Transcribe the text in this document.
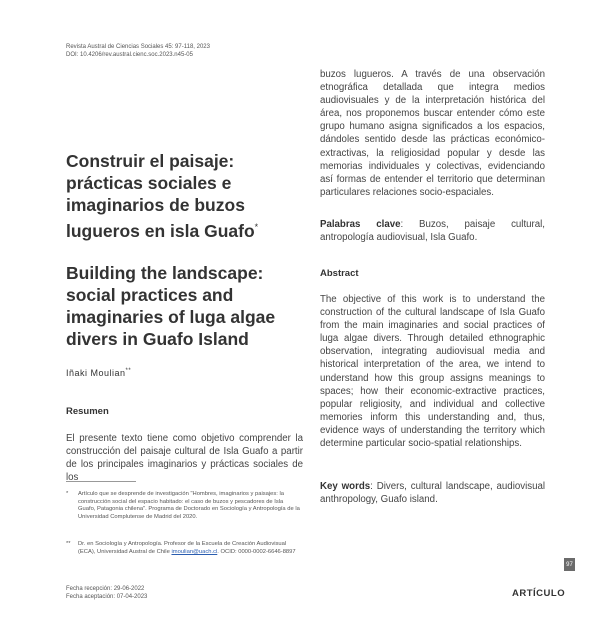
Revista Austral de Ciencias Sociales 45: 97-118, 2023
DOI: 10.4206/rev.austral.cienc.soc.2023.n45-05
Construir el paisaje: prácticas sociales e imaginarios de buzos lugueros en isla Guafo*
Building the landscape: social practices and imaginaries of luga algae divers in Guafo Island
Iñaki Moulian**
Resumen
El presente texto tiene como objetivo comprender la construcción del paisaje cultural de Isla Guafo a partir de los principales imaginarios y prácticas sociales de los
* Artículo que se desprende de investigación "Hombres, imaginarios y paisajes: la construcción social del espacio habitado: el caso de buzos y pescadores de Isla Guafo, Patagonia chilena". Programa de Doctorado en Sociología y Antropología de la Universidad Complutense de Madrid del 2020.
** Dr. en Sociología y Antropología. Profesor de la Escuela de Creación Audiovisual (ECA), Universidad Austral de Chile imoulian@uach.cl. OCID: 0000-0002-6646-8897
buzos lugueros. A través de una observación etnográfica detallada que integra medios audiovisuales y de la interpretación histórica del área, nos proponemos buscar entender cómo este grupo humano asigna significados a los espacios, dándoles sentido desde las prácticas económico-extractivas, la religiosidad popular y desde las memorias individuales y colectivas, evidenciando así formas de entender el territorio que determinan particulares relaciones socio-espaciales.
Palabras clave: Buzos, paisaje cultural, antropología audiovisual, Isla Guafo.
Abstract
The objective of this work is to understand the construction of the cultural landscape of Isla Guafo from the main imaginaries and social practices of luga algae divers. Through detailed ethnographic observation, integrating audiovisual media and historical interpretation of the area, we intend to understand how this group assigns meanings to spaces; how their economic-extractive practices, popular religiosity, and individual and collective memories inform this understanding and, thus, evidence ways of understanding the territory which determine particular socio-spatial relationships.
Key words: Divers, cultural landscape, audiovisual anthropology, Guafo island.
97
Fecha recepción: 29-06-2022
Fecha aceptación: 07-04-2023	ARTÍCULO
